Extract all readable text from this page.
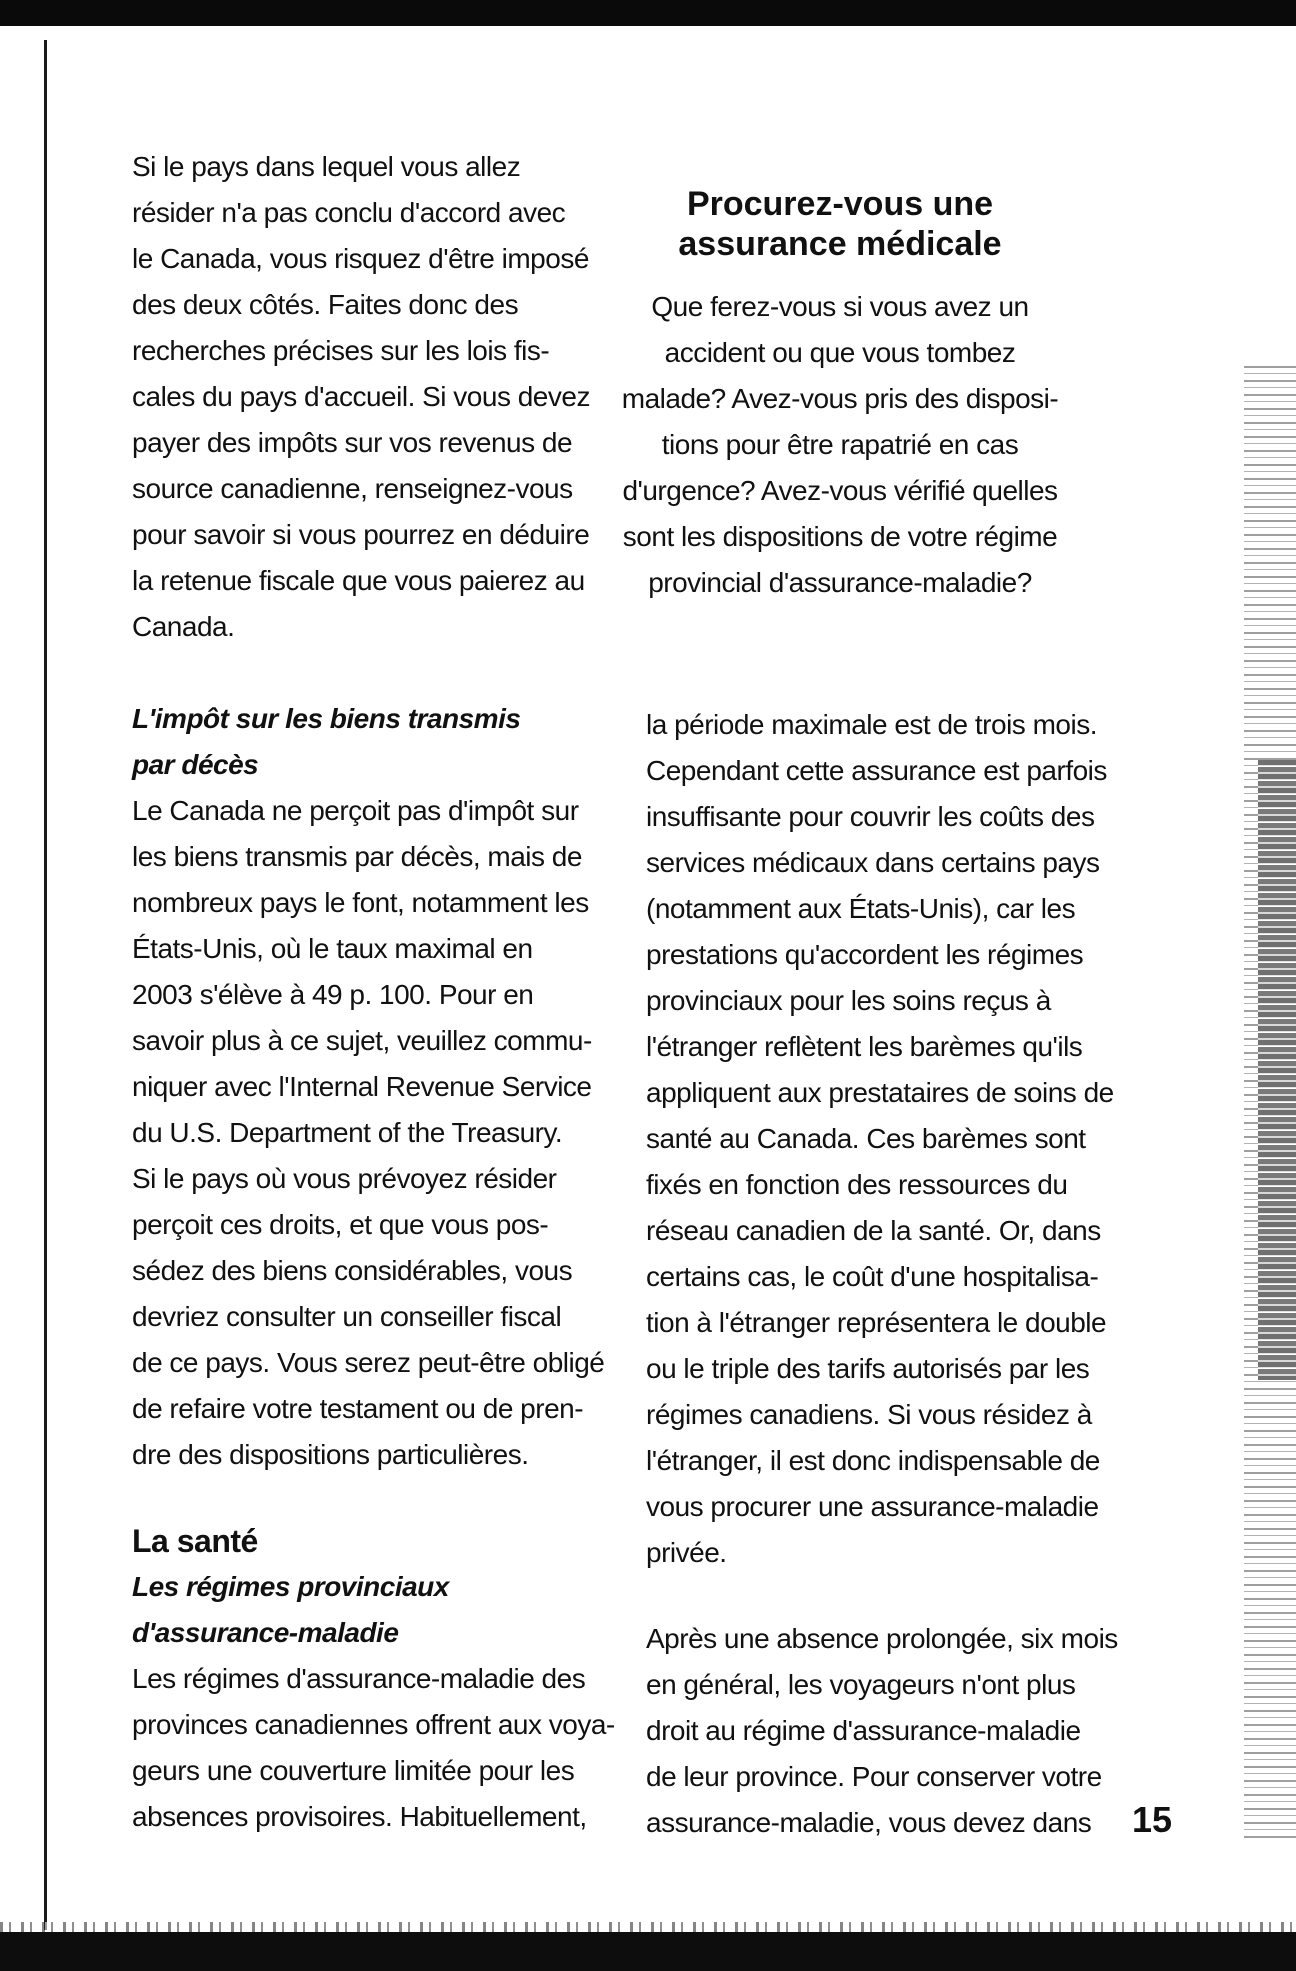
Si le pays dans lequel vous allez
résider n'a pas conclu d'accord avec
le Canada, vous risquez d'être imposé
des deux côtés. Faites donc des
recherches précises sur les lois fis-
cales du pays d'accueil. Si vous devez
payer des impôts sur vos revenus de
source canadienne, renseignez-vous
pour savoir si vous pourrez en déduire
la retenue fiscale que vous paierez au
Canada.
Procurez-vous une
assurance médicale
Que ferez-vous si vous avez un
accident ou que vous tombez
malade? Avez-vous pris des disposi-
tions pour être rapatrié en cas
d'urgence? Avez-vous vérifié quelles
sont les dispositions de votre régime
provincial d'assurance-maladie?
L'impôt sur les biens transmis
par décès
Le Canada ne perçoit pas d'impôt sur
les biens transmis par décès, mais de
nombreux pays le font, notamment les
États-Unis, où le taux maximal en
2003 s'élève à 49 p. 100. Pour en
savoir plus à ce sujet, veuillez commu-
niquer avec l'Internal Revenue Service
du U.S. Department of the Treasury.
Si le pays où vous prévoyez résider
perçoit ces droits, et que vous pos-
sédez des biens considérables, vous
devriez consulter un conseiller fiscal
de ce pays. Vous serez peut-être obligé
de refaire votre testament ou de pren-
dre des dispositions particulières.
La santé
Les régimes provinciaux
d'assurance-maladie
Les régimes d'assurance-maladie des
provinces canadiennes offrent aux voya-
geurs une couverture limitée pour les
absences provisoires. Habituellement,
la période maximale est de trois mois.
Cependant cette assurance est parfois
insuffisante pour couvrir les coûts des
services médicaux dans certains pays
(notamment aux États-Unis), car les
prestations qu'accordent les régimes
provinciaux pour les soins reçus à
l'étranger reflètent les barèmes qu'ils
appliquent aux prestataires de soins de
santé au Canada. Ces barèmes sont
fixés en fonction des ressources du
réseau canadien de la santé. Or, dans
certains cas, le coût d'une hospitalisa-
tion à l'étranger représentera le double
ou le triple des tarifs autorisés par les
régimes canadiens. Si vous résidez à
l'étranger, il est donc indispensable de
vous procurer une assurance-maladie
privée.
Après une absence prolongée, six mois
en général, les voyageurs n'ont plus
droit au régime d'assurance-maladie
de leur province. Pour conserver votre
assurance-maladie, vous devez dans	15
